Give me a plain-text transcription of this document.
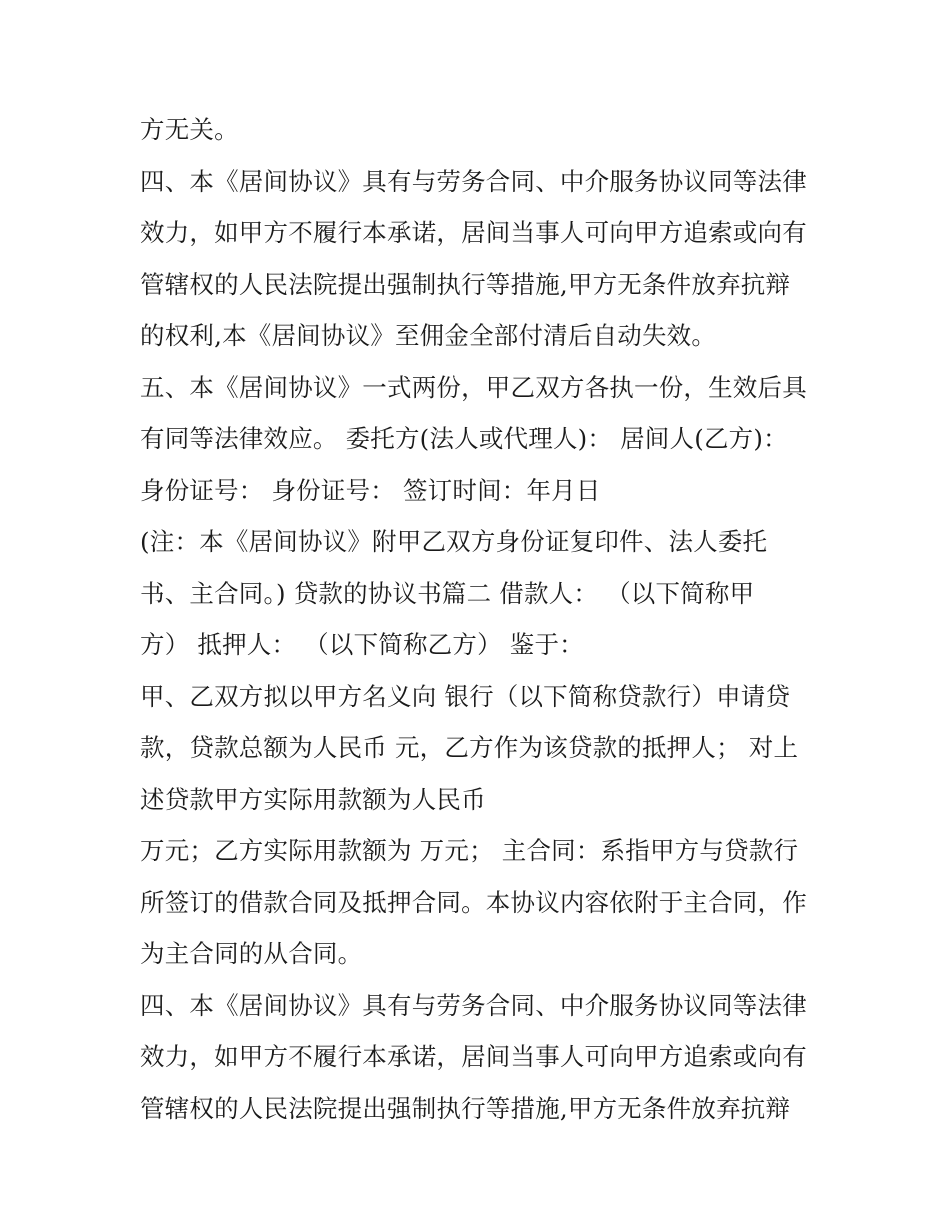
方无关。
四、本《居间协议》具有与劳务合同、中介服务协议同等法律
效力，如甲方不履行本承诺，居间当事人可向甲方追索或向有
管辖权的人民法院提出强制执行等措施,甲方无条件放弃抗辩
的权利,本《居间协议》至佣金全部付清后自动失效。
五、本《居间协议》一式两份，甲乙双方各执一份，生效后具
有同等法律效应。 委托方(法人或代理人)： 居间人(乙方)：
身份证号： 身份证号： 签订时间：年月日
(注：本《居间协议》附甲乙双方身份证复印件、法人委托
书、主合同。) 贷款的协议书篇二 借款人： （以下简称甲
方） 抵押人： （以下简称乙方） 鉴于：
甲、乙双方拟以甲方名义向 银行（以下简称贷款行）申请贷
款，贷款总额为人民币 元，乙方作为该贷款的抵押人； 对上
述贷款甲方实际用款额为人民币
万元；乙方实际用款额为 万元； 主合同：系指甲方与贷款行
所签订的借款合同及抵押合同。本协议内容依附于主合同，作
为主合同的从合同。
四、本《居间协议》具有与劳务合同、中介服务协议同等法律
效力，如甲方不履行本承诺，居间当事人可向甲方追索或向有
管辖权的人民法院提出强制执行等措施,甲方无条件放弃抗辩
